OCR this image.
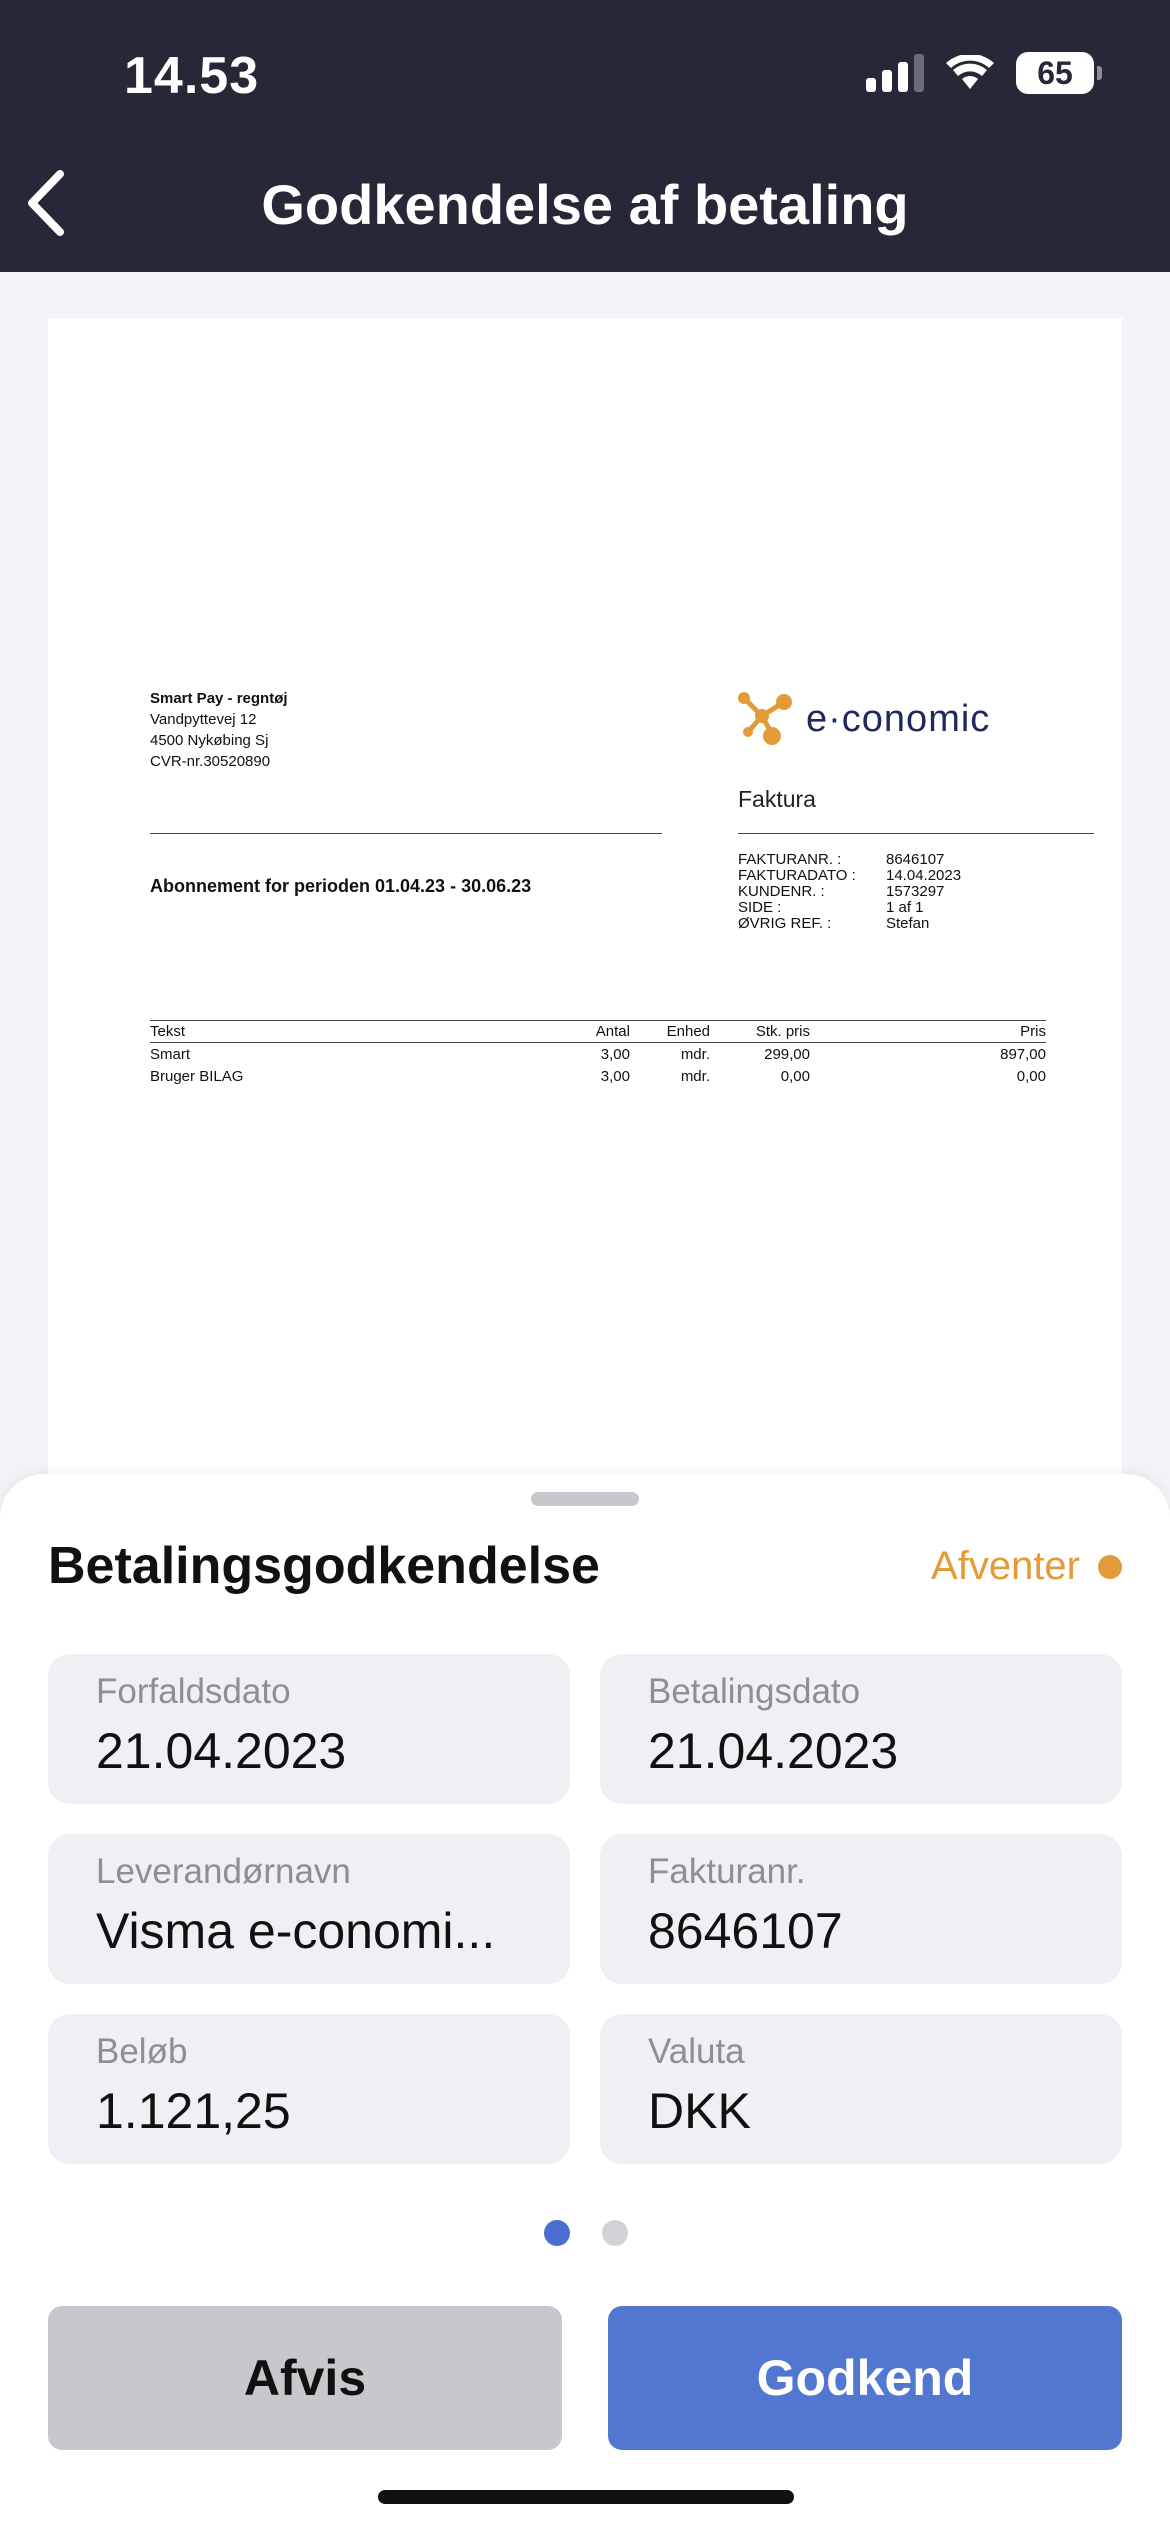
14.53	65
Godkendelse af betaling
Smart Pay - regntøj
Vandpyttevej 12
4500 Nykøbing Sj
CVR-nr.30520890
e·conomic
Faktura
Abonnement for perioden 01.04.23 - 30.06.23
FAKTURANR. :	8646107
FAKTURADATO :	14.04.2023
KUNDENR. :	1573297
SIDE :	1 af 1
ØVRIG REF. :	Stefan
Tekst	Antal	Enhed	Stk. pris	Pris
Smart	3,00	mdr.	299,00	897,00
Bruger BILAG	3,00	mdr.	0,00	0,00
Betalingsgodkendelse	Afventer
Forfaldsdato
21.04.2023
Betalingsdato
21.04.2023
Leverandørnavn
Visma e-conomi...
Fakturanr.
8646107
Beløb
1.121,25
Valuta
DKK
Afvis	Godkend
